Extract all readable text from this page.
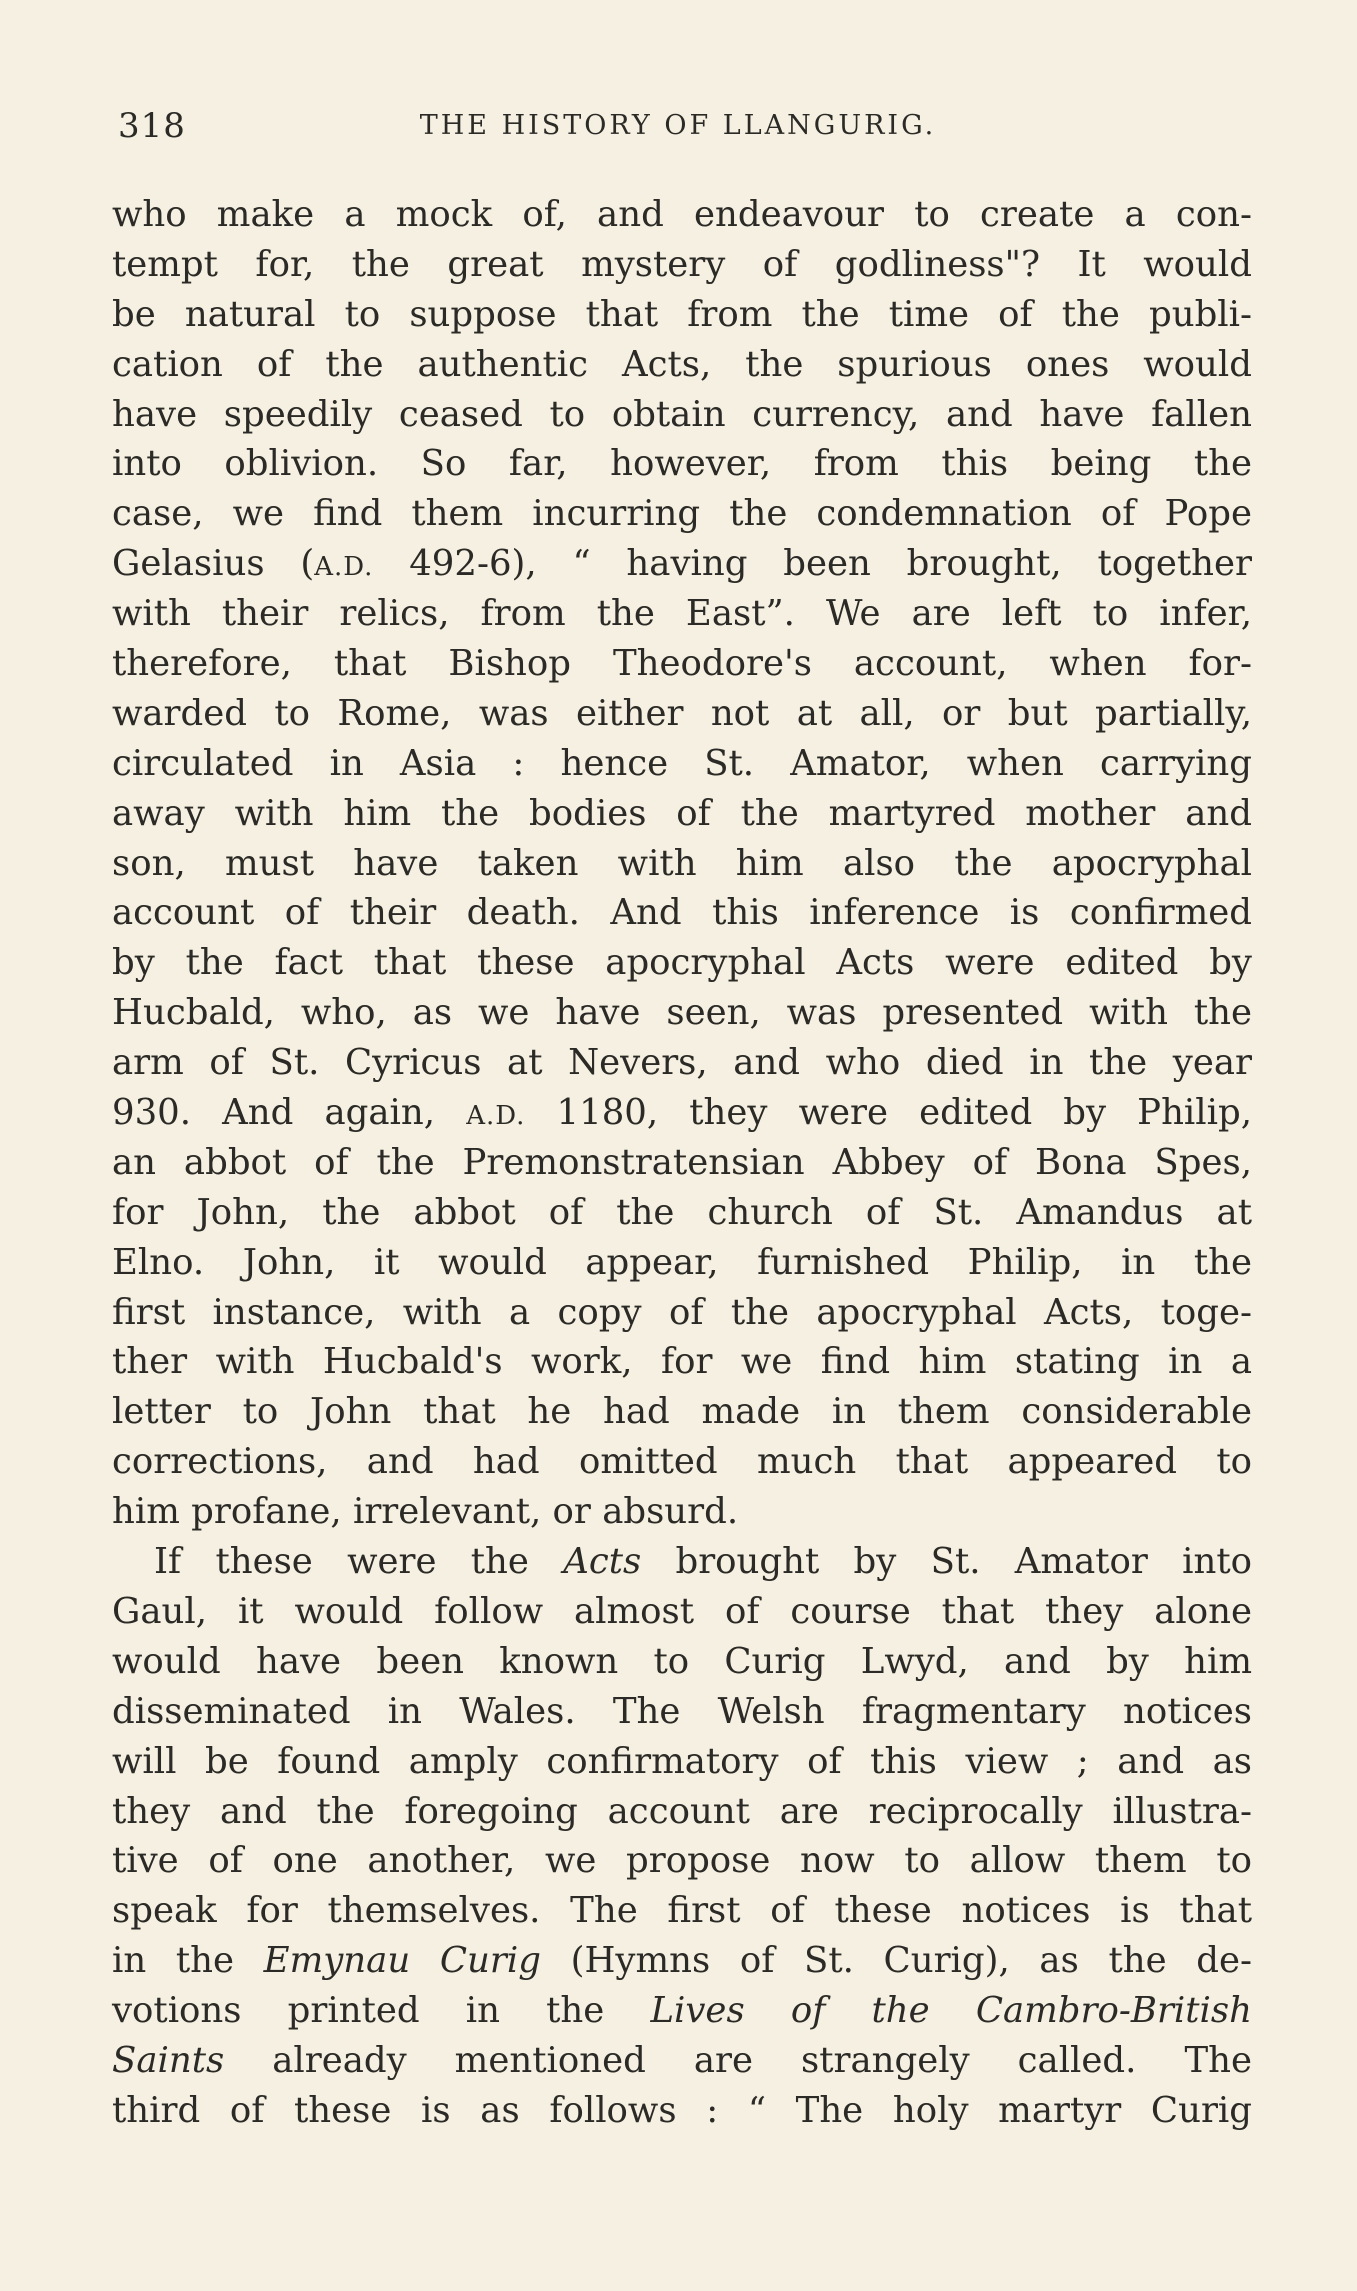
318	THE HISTORY OF LLANGURIG.
who make a mock of, and endeavour to create a con-
tempt for, the great mystery of godliness"? It would
be natural to suppose that from the time of the publi-
cation of the authentic Acts, the spurious ones would
have speedily ceased to obtain currency, and have fallen
into oblivion. So far, however, from this being the
case, we find them incurring the condemnation of Pope
Gelasius (A.D. 492-6), “ having been brought, together
with their relics, from the East”. We are left to infer,
therefore, that Bishop Theodore's account, when for-
warded to Rome, was either not at all, or but partially,
circulated in Asia : hence St. Amator, when carrying
away with him the bodies of the martyred mother and
son, must have taken with him also the apocryphal
account of their death. And this inference is confirmed
by the fact that these apocryphal Acts were edited by
Hucbald, who, as we have seen, was presented with the
arm of St. Cyricus at Nevers, and who died in the year
930. And again, A.D. 1180, they were edited by Philip,
an abbot of the Premonstratensian Abbey of Bona Spes,
for John, the abbot of the church of St. Amandus at
Elno. John, it would appear, furnished Philip, in the
first instance, with a copy of the apocryphal Acts, toge-
ther with Hucbald's work, for we find him stating in a
letter to John that he had made in them considerable
corrections, and had omitted much that appeared to
him profane, irrelevant, or absurd.
If these were the Acts brought by St. Amator into
Gaul, it would follow almost of course that they alone
would have been known to Curig Lwyd, and by him
disseminated in Wales. The Welsh fragmentary notices
will be found amply confirmatory of this view ; and as
they and the foregoing account are reciprocally illustra-
tive of one another, we propose now to allow them to
speak for themselves. The first of these notices is that
in the Emynau Curig (Hymns of St. Curig), as the de-
votions printed in the Lives of the Cambro-British
Saints already mentioned are strangely called. The
third of these is as follows : “ The holy martyr Curig
